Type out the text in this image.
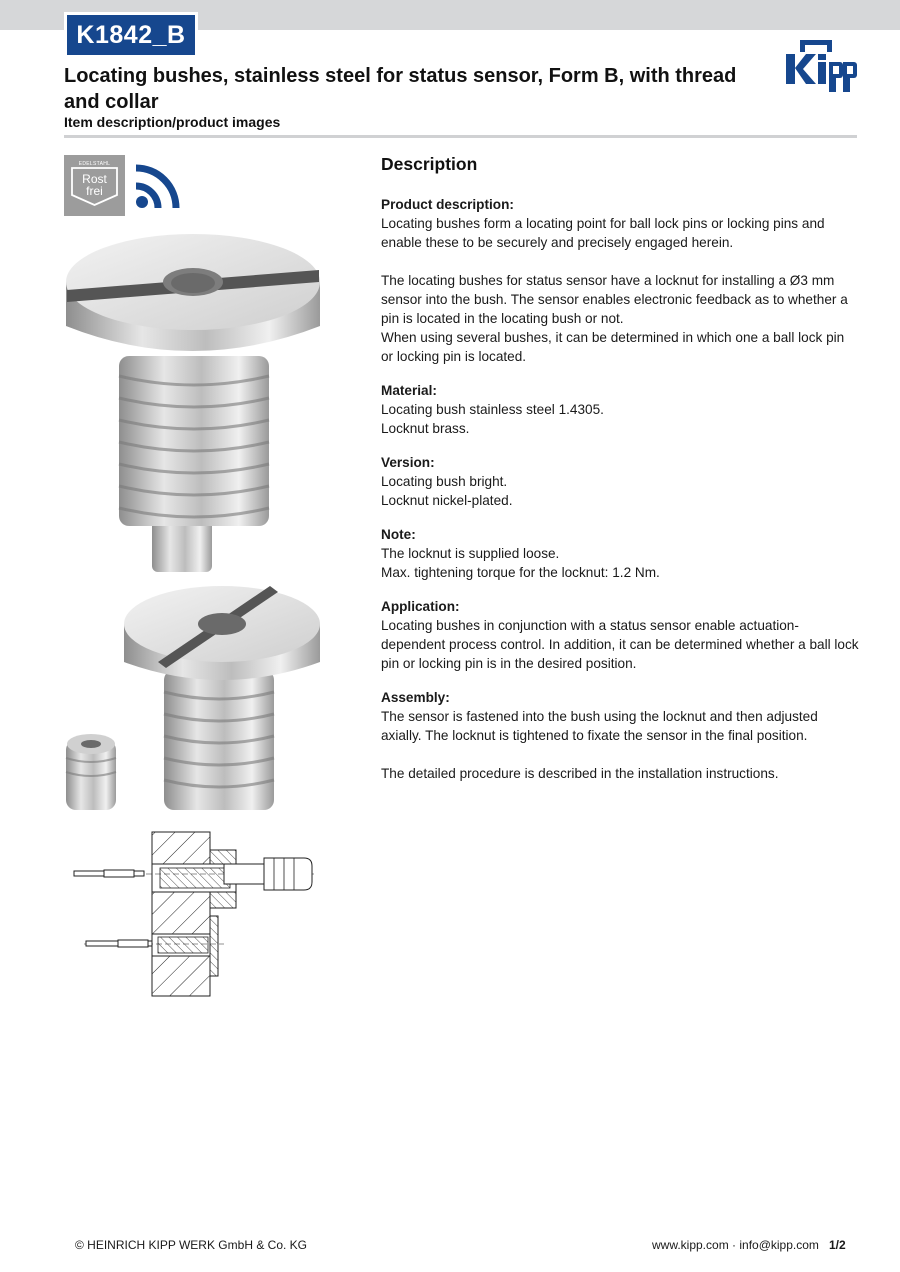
K1842_B
Locating bushes, stainless steel for status sensor, Form B, with thread and collar
Item description/product images
EDELSTAHL
Rost
frei
Description
Product description:

Locating bushes form a locating point for ball lock pins or locking pins and enable these to be securely and precisely engaged herein.

The locating bushes for status sensor have a locknut for installing a Ø3 mm sensor into the bush. The sensor enables electronic feedback as to whether a pin is located in the locating bush or not.

When using several bushes, it can be determined in which one a ball lock pin or locking pin is located.

Material:

Locating bush stainless steel 1.4305.

Locknut brass.

Version:

Locating bush bright.

Locknut nickel-plated.

Note:

The locknut is supplied loose.

Max. tightening torque for the locknut: 1.2 Nm.

Application:

Locating bushes in conjunction with a status sensor enable actuation-dependent process control. In addition, it can be determined whether a ball lock pin or locking pin is in the desired position.

Assembly:

The sensor is fastened into the bush using the locknut and then adjusted axially. The locknut is tightened to fixate the sensor in the final position.

The detailed procedure is described in the installation instructions.

© HEINRICH KIPP WERK GmbH & Co. KG	www.kipp.com · info@kipp.com 1/2
